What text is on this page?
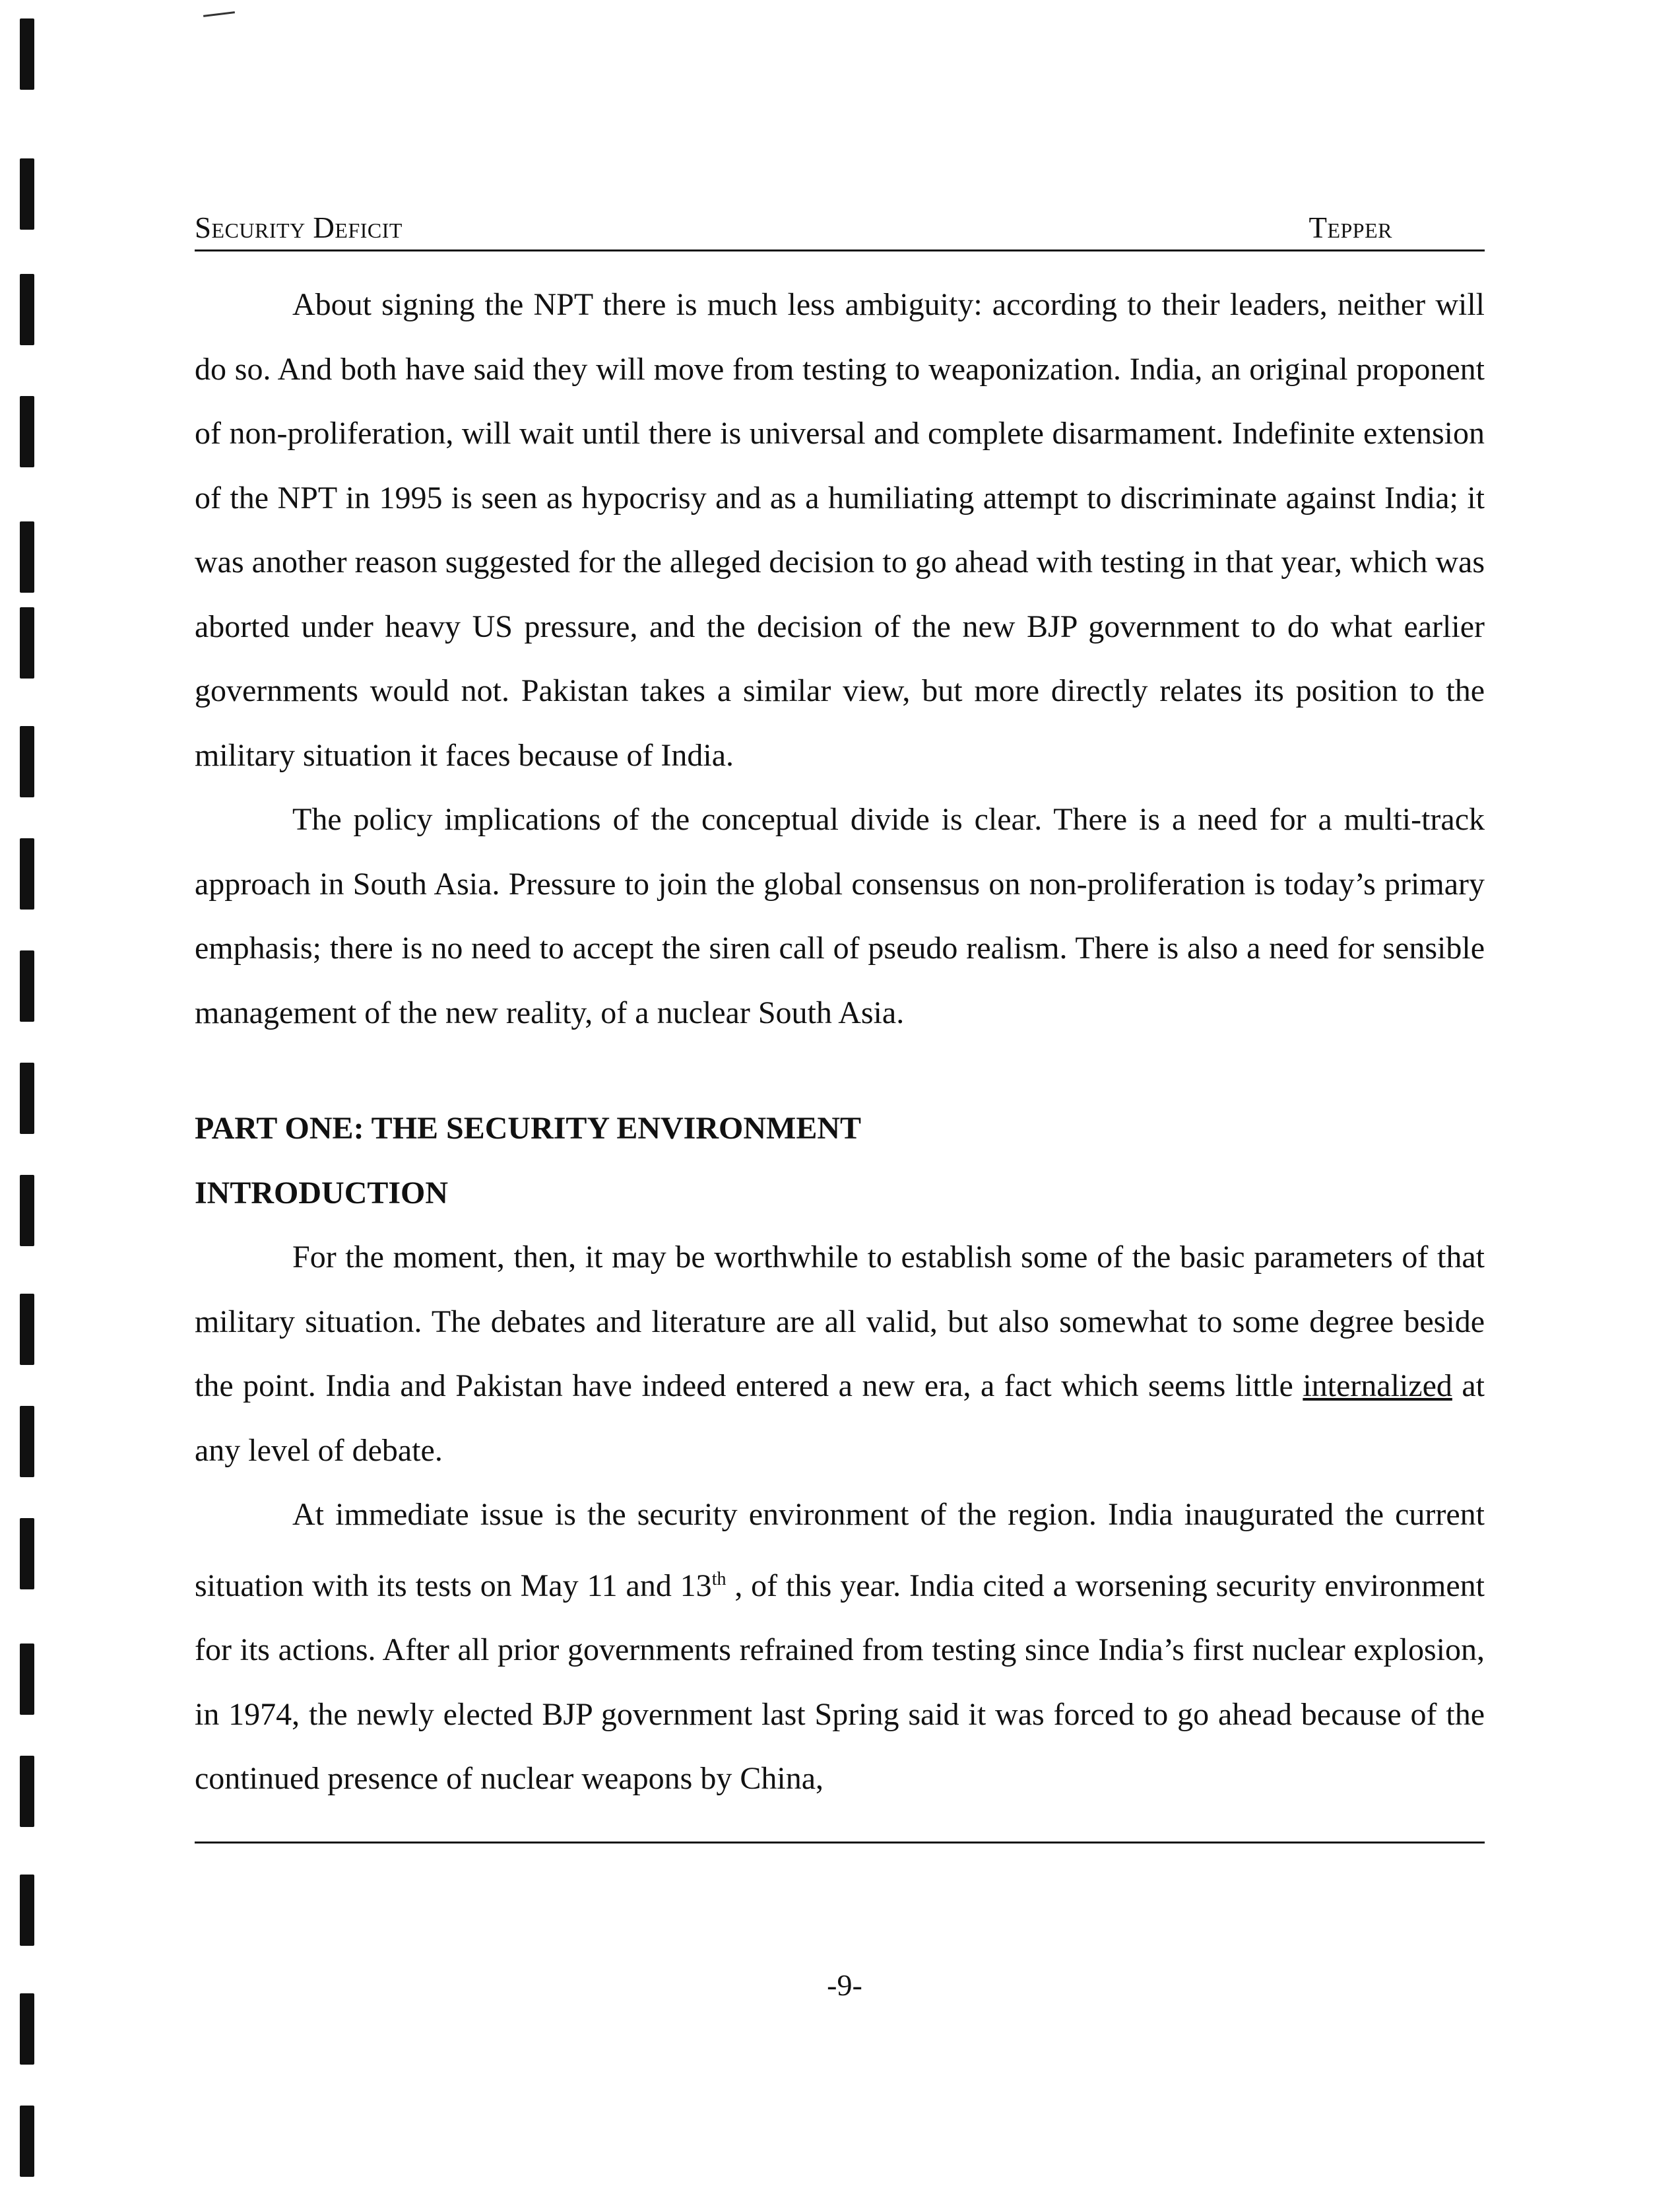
Security Deficit	Tepper

About signing the NPT there is much less ambiguity: according to their leaders, neither will do so. And both have said they will move from testing to weaponization. India, an original proponent of non-proliferation, will wait until there is universal and complete disarmament. Indefinite extension of the NPT in 1995 is seen as hypocrisy and as a humiliating attempt to discriminate against India; it was another reason suggested for the alleged decision to go ahead with testing in that year, which was aborted under heavy US pressure, and the decision of the new BJP government to do what earlier governments would not. Pakistan takes a similar view, but more directly relates its position to the military situation it faces because of India.

The policy implications of the conceptual divide is clear. There is a need for a multi-track approach in South Asia. Pressure to join the global consensus on non-proliferation is today’s primary emphasis; there is no need to accept the siren call of pseudo realism. There is also a need for sensible management of the new reality, of a nuclear South Asia.

PART ONE: THE SECURITY ENVIRONMENT

INTRODUCTION

For the moment, then, it may be worthwhile to establish some of the basic parameters of that military situation. The debates and literature are all valid, but also somewhat to some degree beside the point. India and Pakistan have indeed entered a new era, a fact which seems little internalized at any level of debate.

At immediate issue is the security environment of the region. India inaugurated the current situation with its tests on May 11 and 13th , of this year. India cited a worsening security environment for its actions. After all prior governments refrained from testing since India’s first nuclear explosion, in 1974, the newly elected BJP government last Spring said it was forced to go ahead because of the continued presence of nuclear weapons by China,

-9-
